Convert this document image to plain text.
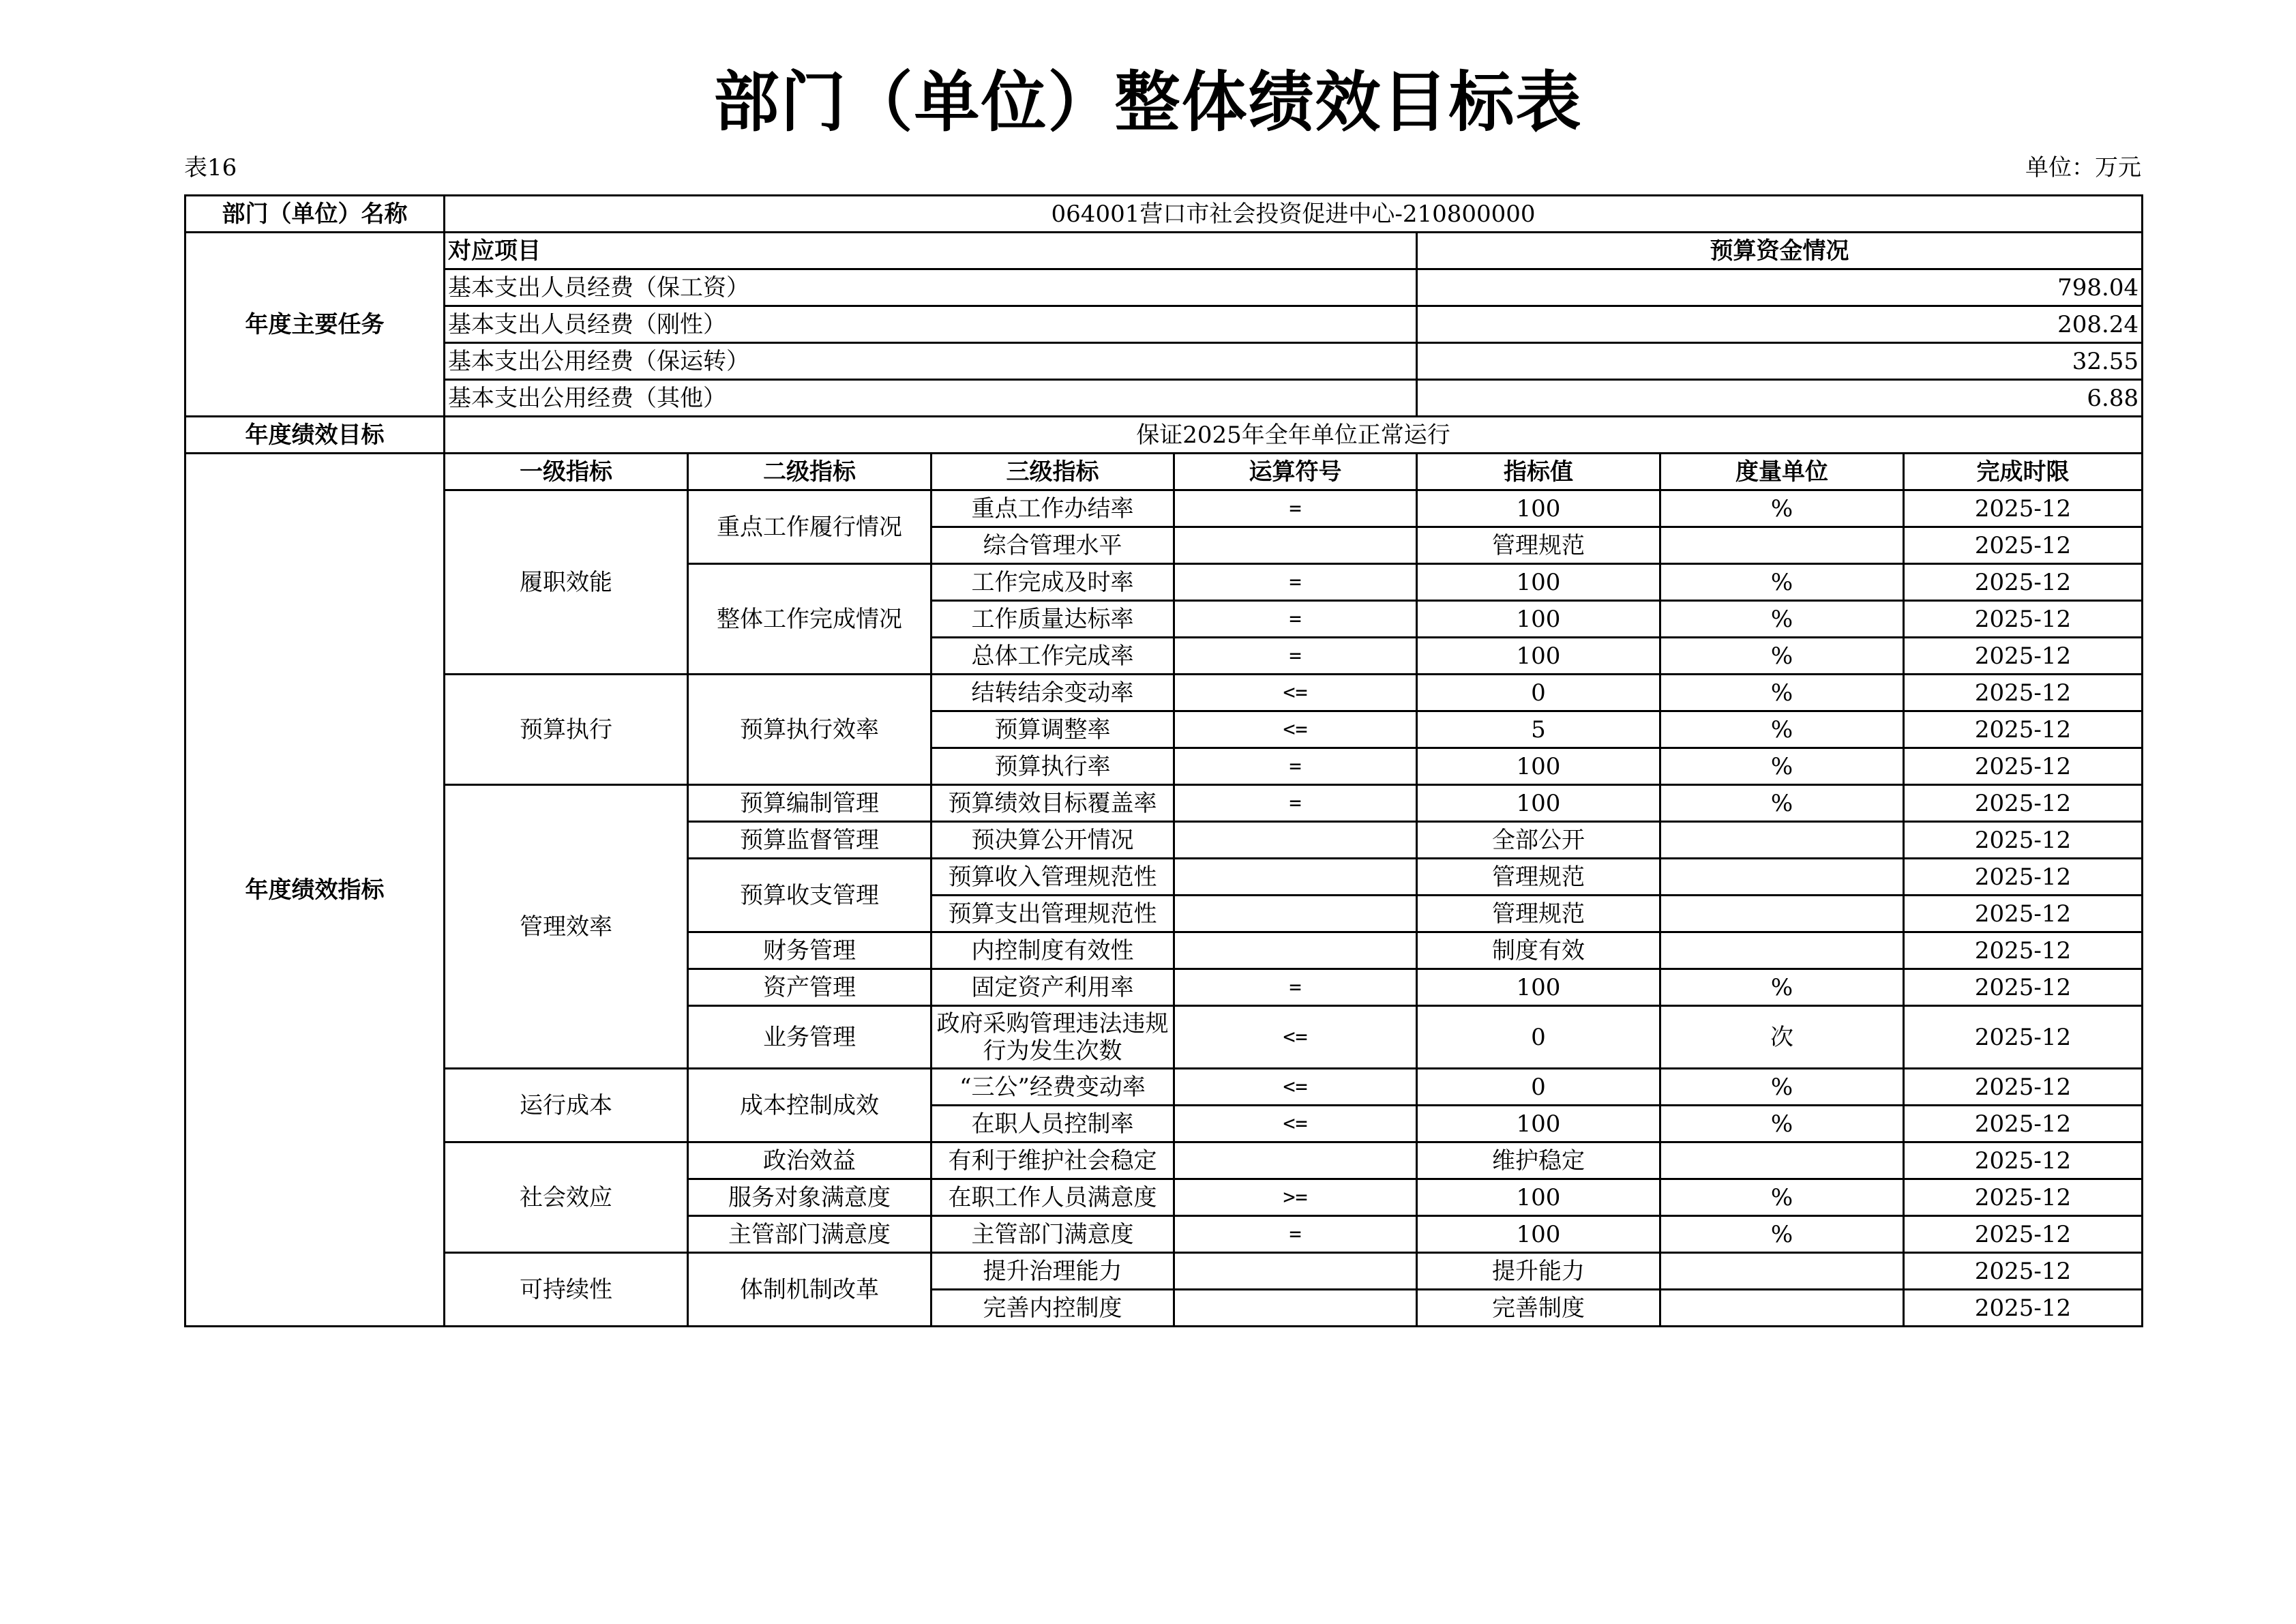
部门（单位）整体绩效目标表
表16	单位：万元
部门（单位）名称	064001营口市社会投资促进中心-210800000						
年度主要任务	对应项目				预算资金情况		
	基本支出人员经费（保工资）				798.04		
	基本支出人员经费（刚性）				208.24		
	基本支出公用经费（保运转）				32.55		
	基本支出公用经费（其他）				6.88		
年度绩效目标	保证2025年全年单位正常运行						
年度绩效指标	一级指标	二级指标	三级指标	运算符号	指标值	度量单位	完成时限
	履职效能	重点工作履行情况	重点工作办结率	=	100	%	2025-12
			综合管理水平		管理规范		2025-12
		整体工作完成情况	工作完成及时率	=	100	%	2025-12
			工作质量达标率	=	100	%	2025-12
			总体工作完成率	=	100	%	2025-12
	预算执行	预算执行效率	结转结余变动率	<=	0	%	2025-12
			预算调整率	<=	5	%	2025-12
			预算执行率	=	100	%	2025-12
	管理效率	预算编制管理	预算绩效目标覆盖率	=	100	%	2025-12
		预算监督管理	预决算公开情况		全部公开		2025-12
		预算收支管理	预算收入管理规范性		管理规范		2025-12
			预算支出管理规范性		管理规范		2025-12
		财务管理	内控制度有效性		制度有效		2025-12
		资产管理	固定资产利用率	=	100	%	2025-12
		业务管理	政府采购管理违法违规行为发生次数	<=	0	次	2025-12
	运行成本	成本控制成效	“三公”经费变动率	<=	0	%	2025-12
			在职人员控制率	<=	100	%	2025-12
	社会效应	政治效益	有利于维护社会稳定		维护稳定		2025-12
		服务对象满意度	在职工作人员满意度	>=	100	%	2025-12
		主管部门满意度	主管部门满意度	=	100	%	2025-12
	可持续性	体制机制改革	提升治理能力		提升能力		2025-12
			完善内控制度		完善制度		2025-12
